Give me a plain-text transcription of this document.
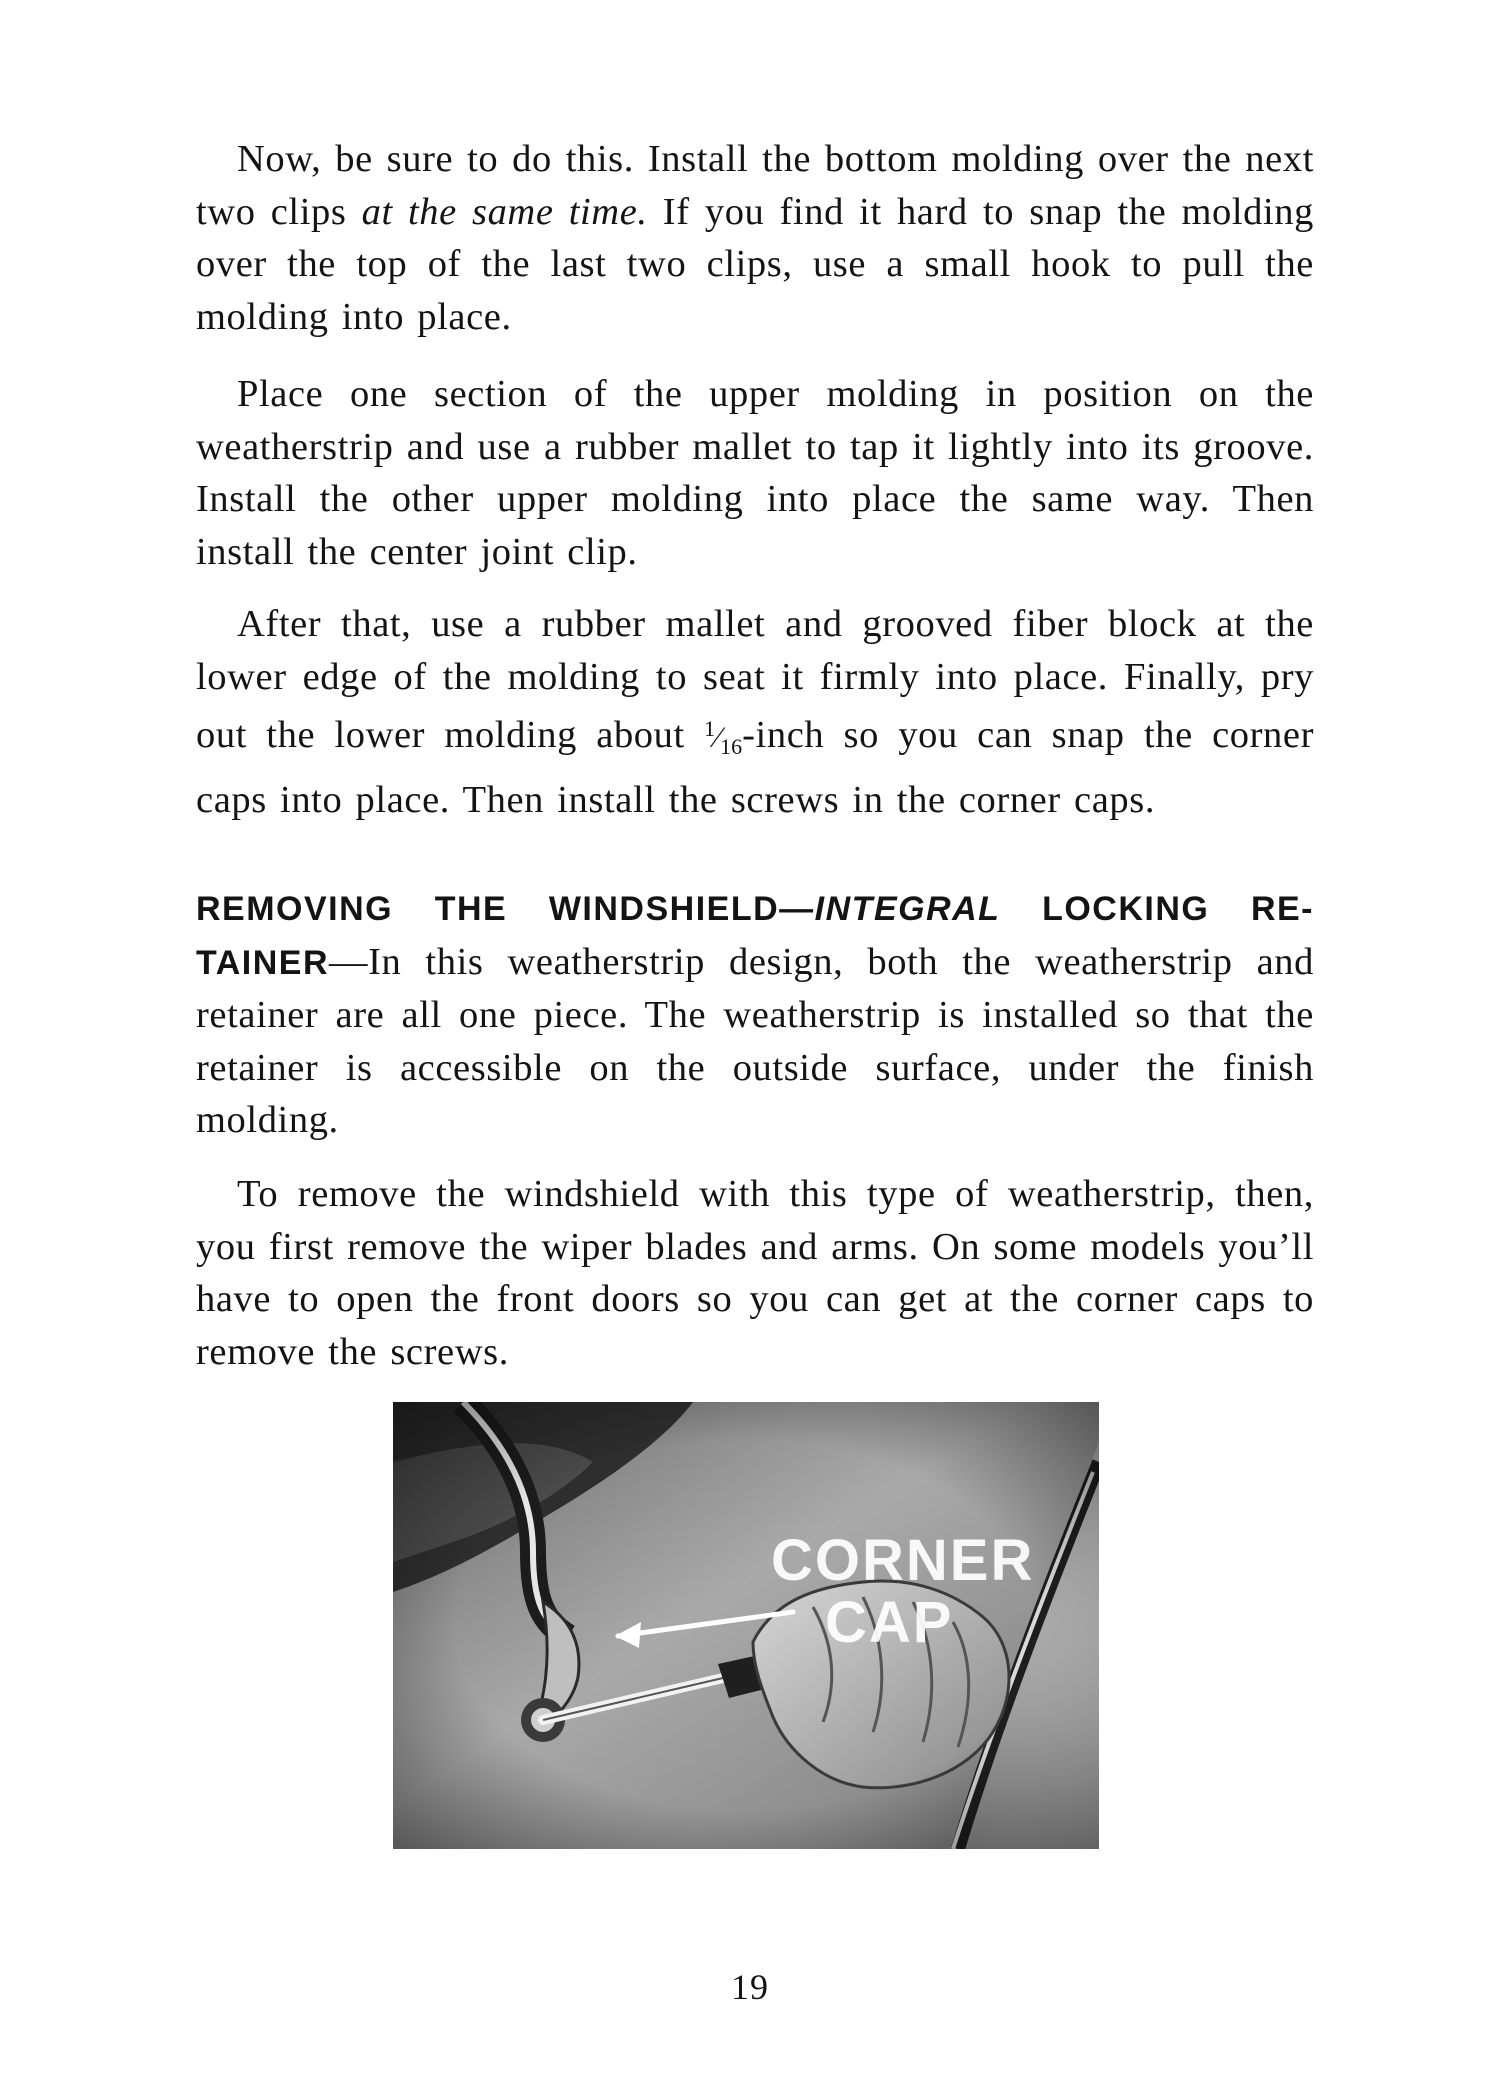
Now, be sure to do this. Install the bottom molding over the next two clips at the same time. If you find it hard to snap the molding over the top of the last two clips, use a small hook to pull the molding into place.

Place one section of the upper molding in position on the weatherstrip and use a rubber mallet to tap it lightly into its groove. Install the other upper molding into place the same way. Then install the center joint clip.

After that, use a rubber mallet and grooved fiber block at the lower edge of the molding to seat it firmly into place. Finally, pry out the lower molding about $^1⁄_{16}$-inch so you can snap the corner caps into place. Then install the screws in the corner caps.

REMOVING THE WINDSHIELD—INTEGRAL LOCKING RE-TAINER—In this weatherstrip design, both the weatherstrip and retainer are all one piece. The weatherstrip is installed so that the retainer is accessible on the outside surface, under the finish molding.

To remove the windshield with this type of weatherstrip, then, you first remove the wiper blades and arms. On some models you’ll have to open the front doors so you can get at the corner caps to remove the screws.

CORNER
CAP
19
